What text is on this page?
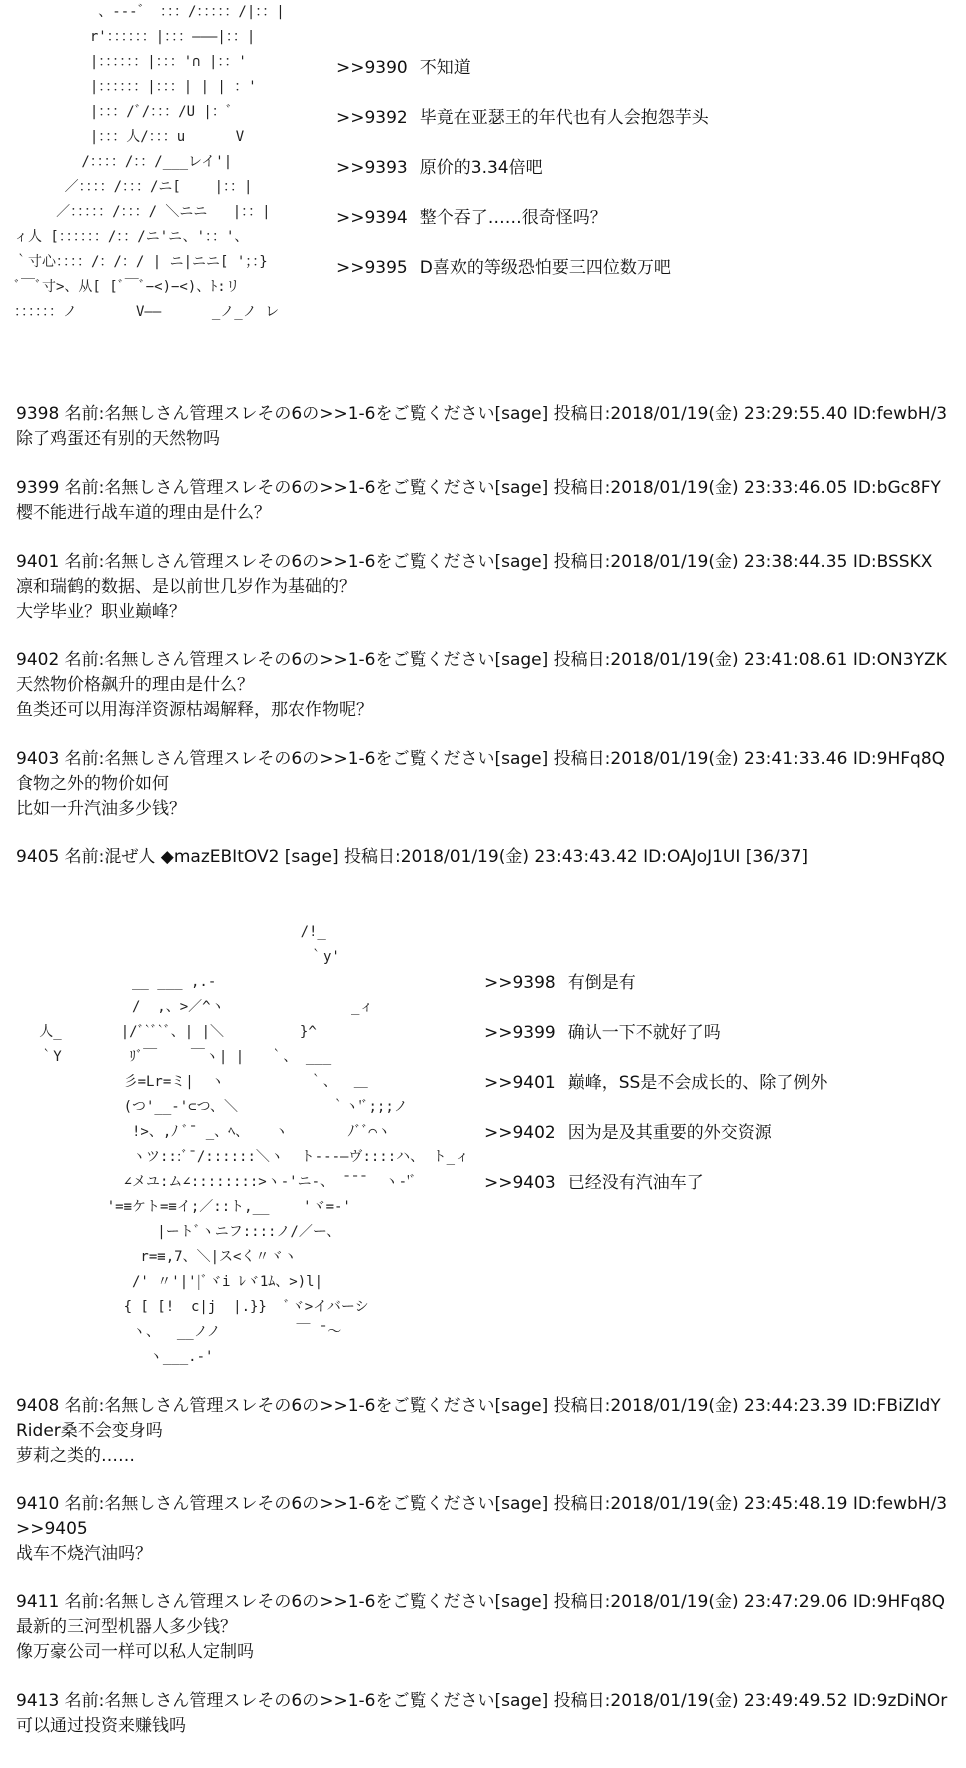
、--‐゛ ：：：/：：：：：/|：：|
r'：：：：：：|：：：―――|：：|
|：：：：：：|：：：'∩ |：：'
|：：：：：：|：：：| | | ：'
|：：：/ﾞ/：：：/U |：ﾞ
|：：：人/：：：u      V
/：：：：/：：/___レイ'|
／：：：：/：：：/ニ[    |：：|
／：：：：：/：：：/ ＼ニニ   |：：|
ィ人 [：：：：：：/：：/ニ'ニ、'：：'、
｀寸心：：：：/：/：/ | ニ|ニニ[ '；：}
ﾞ￣ﾞ寸>、从[ [ﾞ￣ﾞ−<)−<)、ﾄ:リ
：：：：：：ノ       V――      _ノ_ノ レ
>>9390 不知道
>>9392 毕竟在亚瑟王的年代也有人会抱怨芋头
>>9393 原价的3.34倍吧
>>9394 整个吞了……很奇怪吗？
>>9395 D喜欢的等级恐怕要三四位数万吧
9398 名前:名無しさん管理スレその6の>>1-6をご覧ください[sage] 投稿日:2018/01/19(金) 23:29:55.40 ID:fewbH/3
除了鸡蛋还有别的天然物吗
9399 名前:名無しさん管理スレその6の>>1-6をご覧ください[sage] 投稿日:2018/01/19(金) 23:33:46.05 ID:bGc8FY
樱不能进行战车道的理由是什么？
9401 名前:名無しさん管理スレその6の>>1-6をご覧ください[sage] 投稿日:2018/01/19(金) 23:38:44.35 ID:BSSKX
凛和瑞鹤的数据、是以前世几岁作为基础的？
大学毕业？职业巅峰？
9402 名前:名無しさん管理スレその6の>>1-6をご覧ください[sage] 投稿日:2018/01/19(金) 23:41:08.61 ID:ON3YZK
天然物价格飙升的理由是什么？
鱼类还可以用海洋资源枯竭解释，那农作物呢？
9403 名前:名無しさん管理スレその6の>>1-6をご覧ください[sage] 投稿日:2018/01/19(金) 23:41:33.46 ID:9HFq8Q
食物之外的物价如何
比如一升汽油多少钱？
9405 名前:混ぜ人 ◆mazEBItOV2 [sage] 投稿日:2018/01/19(金) 23:43:43.42 ID:OAJoJ1UI [36/37]
/!_
｀y'
__ ___ ,.-
/  ,、>／^ヽ               _ィ
人_       |/ﾞ`ﾞ`ﾞ、| |＼         }^
｀Y        ﾘﾞ￣    ￣ヽ| |   ｀、 ___
彡=Lr=ミ|  ヽ          ｀、  ＿
(つ'__-'⊂つ、＼           ｀ヽ'ﾞ;;;ノ
!>、,ﾉ ﾞ¯ _、ﾍ、   ヽ       ﾉﾞﾞ⌒ヽ
ヽツ:::ﾞ¯/::::::＼ヽ  ト--‐―ヴ::::ハ、 ト_ィ
∠メユ:ム∠::::::::>ヽ-'ニ-、 ¯¯¯  ヽ-'ﾞ
'=≡ケト=≡イ;／::ト,__    'ヾ=‐'
|ートﾞヽニフ::::ノ/／ー、
r=≡,7、＼|ス<く〃ヾヽ
/' 〃'|'|ﾞヾi ﾚヾ1ﾑ、>)l|
{ [ [!  c|j  |.}}  ﾞヾ>イバーシ
ヽ、  __ノノ         ￣ ¯～
ヽ___.-'
>>9398 有倒是有
>>9399 确认一下不就好了吗
>>9401 巅峰，SS是不会成长的、除了例外
>>9402 因为是及其重要的外交资源
>>9403 已经没有汽油车了
9408 名前:名無しさん管理スレその6の>>1-6をご覧ください[sage] 投稿日:2018/01/19(金) 23:44:23.39 ID:FBiZIdY
Rider桑不会变身吗
萝莉之类的……
9410 名前:名無しさん管理スレその6の>>1-6をご覧ください[sage] 投稿日:2018/01/19(金) 23:45:48.19 ID:fewbH/3
>>9405
战车不烧汽油吗？
9411 名前:名無しさん管理スレその6の>>1-6をご覧ください[sage] 投稿日:2018/01/19(金) 23:47:29.06 ID:9HFq8Q
最新的三河型机器人多少钱？
像万豪公司一样可以私人定制吗
9413 名前:名無しさん管理スレその6の>>1-6をご覧ください[sage] 投稿日:2018/01/19(金) 23:49:49.52 ID:9zDiNOr
可以通过投资来赚钱吗
